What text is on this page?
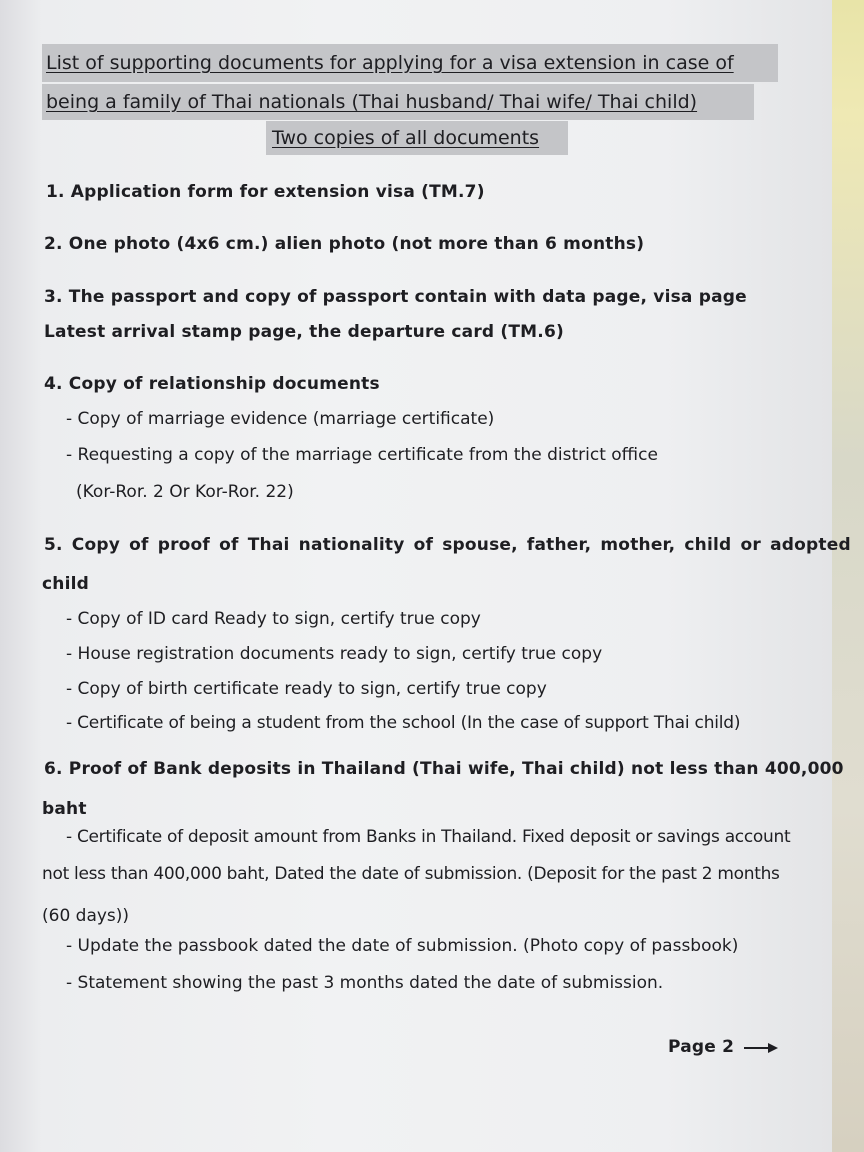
List of supporting documents for applying for a visa extension in case of

being a family of Thai nationals (Thai husband/ Thai wife/ Thai child)

Two copies of all documents

1. Application form for extension visa (TM.7)

2. One photo (4x6 cm.) alien photo (not more than 6 months)

3. The passport and copy of passport contain with data page, visa page

Latest arrival stamp page, the departure card (TM.6)

4. Copy of relationship documents

- Copy of marriage evidence (marriage certificate)

- Requesting a copy of the marriage certificate from the district office

(Kor-Ror. 2 Or Kor-Ror. 22)

5. Copy of proof of Thai nationality of spouse, father, mother, child or adopted

child

- Copy of ID card Ready to sign, certify true copy

- House registration documents ready to sign, certify true copy

- Copy of birth certificate ready to sign, certify true copy

- Certificate of being a student from the school (In the case of support Thai child)

6. Proof of Bank deposits in Thailand (Thai wife, Thai child) not less than 400,000

baht

- Certificate of deposit amount from Banks in Thailand. Fixed deposit or savings account

not less than 400,000 baht, Dated the date of submission. (Deposit for the past 2 months

(60 days))

- Update the passbook dated the date of submission. (Photo copy of passbook)

- Statement showing the past 3 months dated the date of submission.

Page 2
